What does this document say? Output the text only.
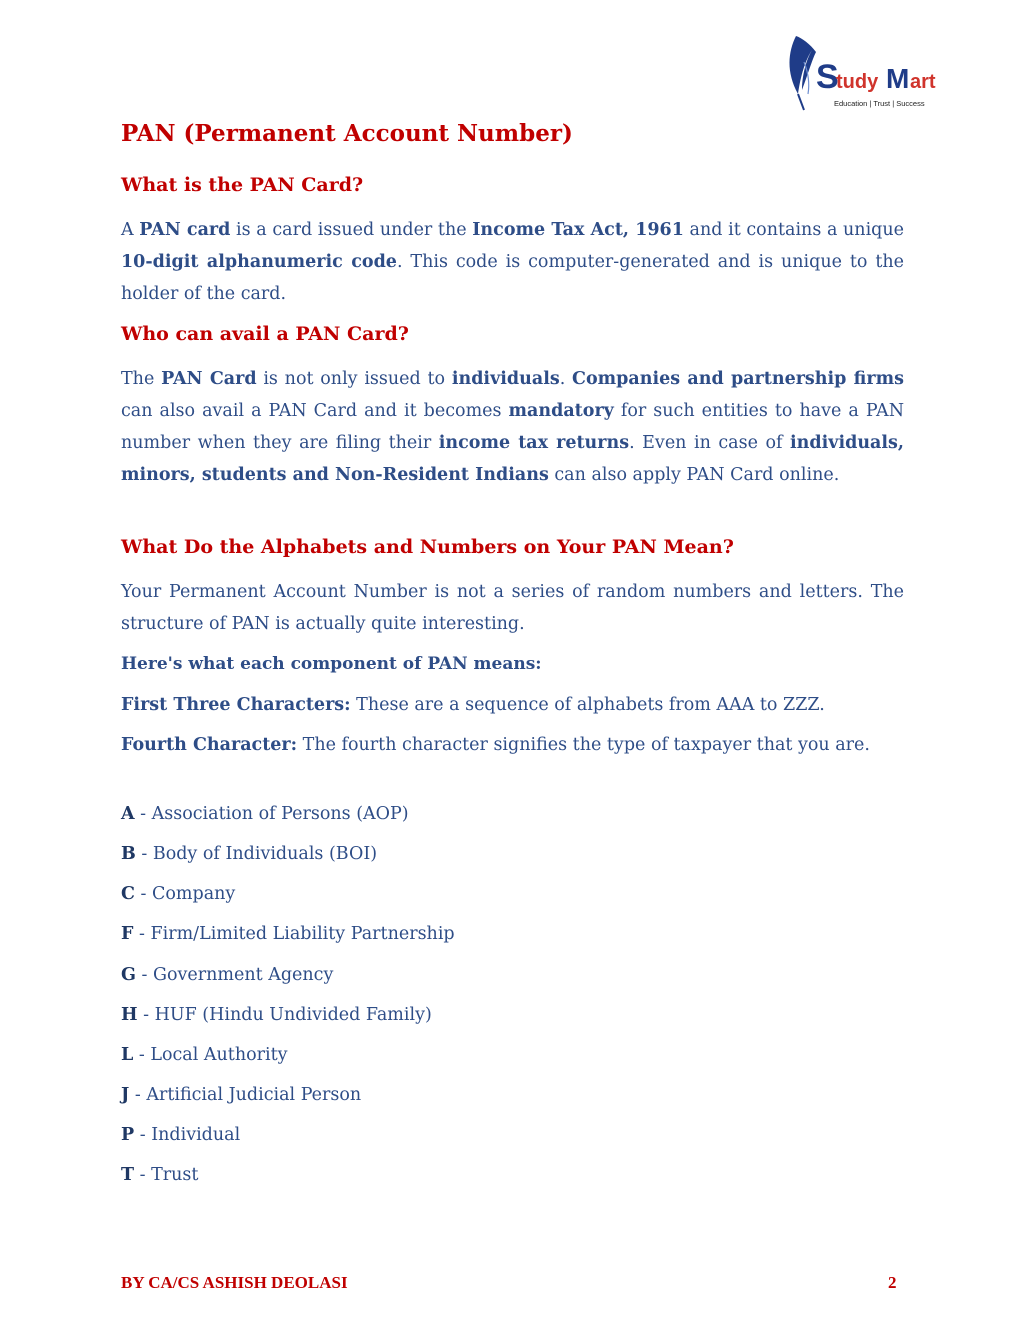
S
tudy M art
Education | Trust | Success
PAN (Permanent Account Number)
What is the PAN Card?
A PAN card is a card issued under the Income Tax Act, 1961 and it contains a unique 10-digit alphanumeric code. This code is computer-generated and is unique to the holder of the card.
Who can avail a PAN Card?
The PAN Card is not only issued to individuals. Companies and partnership firms can also avail a PAN Card and it becomes mandatory for such entities to have a PAN number when they are filing their income tax returns. Even in case of individuals, minors, students and Non-Resident Indians can also apply PAN Card online.
What Do the Alphabets and Numbers on Your PAN Mean?
Your Permanent Account Number is not a series of random numbers and letters. The structure of PAN is actually quite interesting.
Here's what each component of PAN means:
First Three Characters: These are a sequence of alphabets from AAA to ZZZ.
Fourth Character: The fourth character signifies the type of taxpayer that you are.
A - Association of Persons (AOP)
B - Body of Individuals (BOI)
C - Company
F - Firm/Limited Liability Partnership
G - Government Agency
H - HUF (Hindu Undivided Family)
L - Local Authority
J - Artificial Judicial Person
P - Individual
T - Trust
BY CA/CS ASHISH DEOLASI	2
